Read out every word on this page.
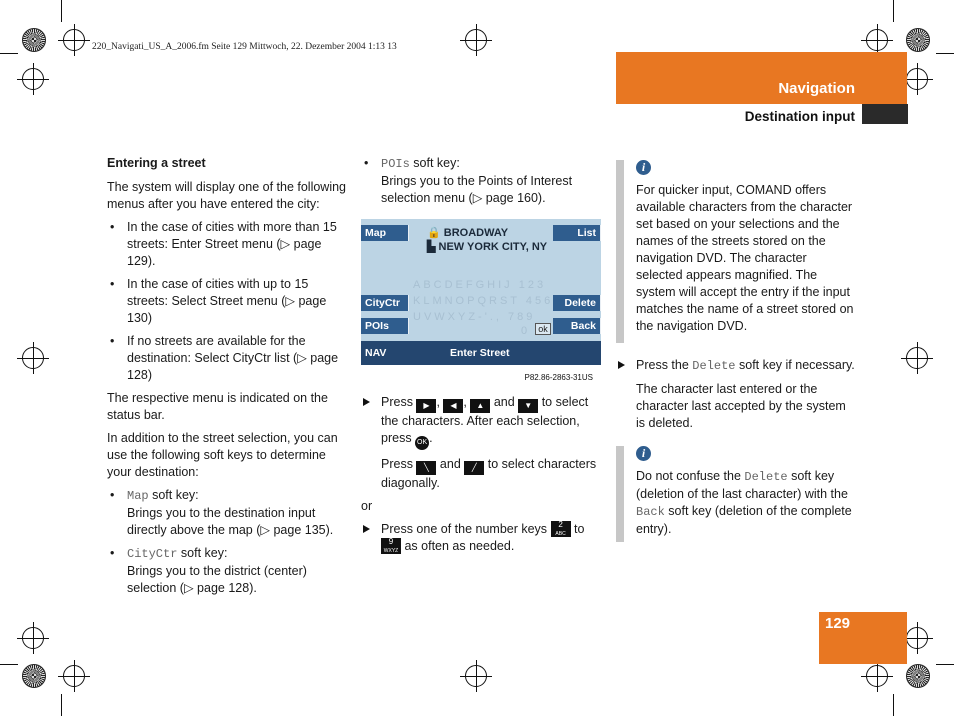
220_Navigati_US_A_2006.fm Seite 129 Mittwoch, 22. Dezember 2004 1:13 13
Navigation
Destination input
Entering a street

The system will display one of the following menus after you have entered the city:

• In the case of cities with more than 15 streets: Enter Street menu (▷ page 129).
• In the case of cities with up to 15 streets: Select Street menu (▷ page 130)
• If no streets are available for the destination: Select CityCtr list (▷ page 128)

The respective menu is indicated on the status bar.

In addition to the street selection, you can use the following soft keys to determine your destination:

• Map soft key:
Brings you to the destination input directly above the map (▷ page 135).
• CityCtr soft key:
Brings you to the district (center) selection (▷ page 128).
• POIs soft key:
Brings you to the Points of Interest selection menu (▷ page 160).
Map	List
🔒 BROADWAY
▙ NEW YORK CITY, NY
ABCDEFGHIJ 123
KLMNOPQRST 456
UVWXYZ-'., 789
0 ok
CityCtr	Delete
POIs	Back
NAV	Enter Street
P82.86-2863-31US
Press ▶ , ◀ , ▲ and ▼ to select the characters. After each selection, press OK .
Press ╲ and ╱ to select characters diagonally.

or

Press one of the number keys 2
ABC to 9
WXYZ as often as needed.
i

For quicker input, COMAND offers available characters from the character set based on your selections and the names of the streets stored on the navigation DVD. The character selected appears magnified. The system will accept the entry if the input matches the name of a street stored on the navigation DVD.

Press the Delete soft key if necessary.
The character last entered or the character last accepted by the system is deleted.
i

Do not confuse the Delete soft key (deletion of the last character) with the Back soft key (deletion of the complete entry).

129
